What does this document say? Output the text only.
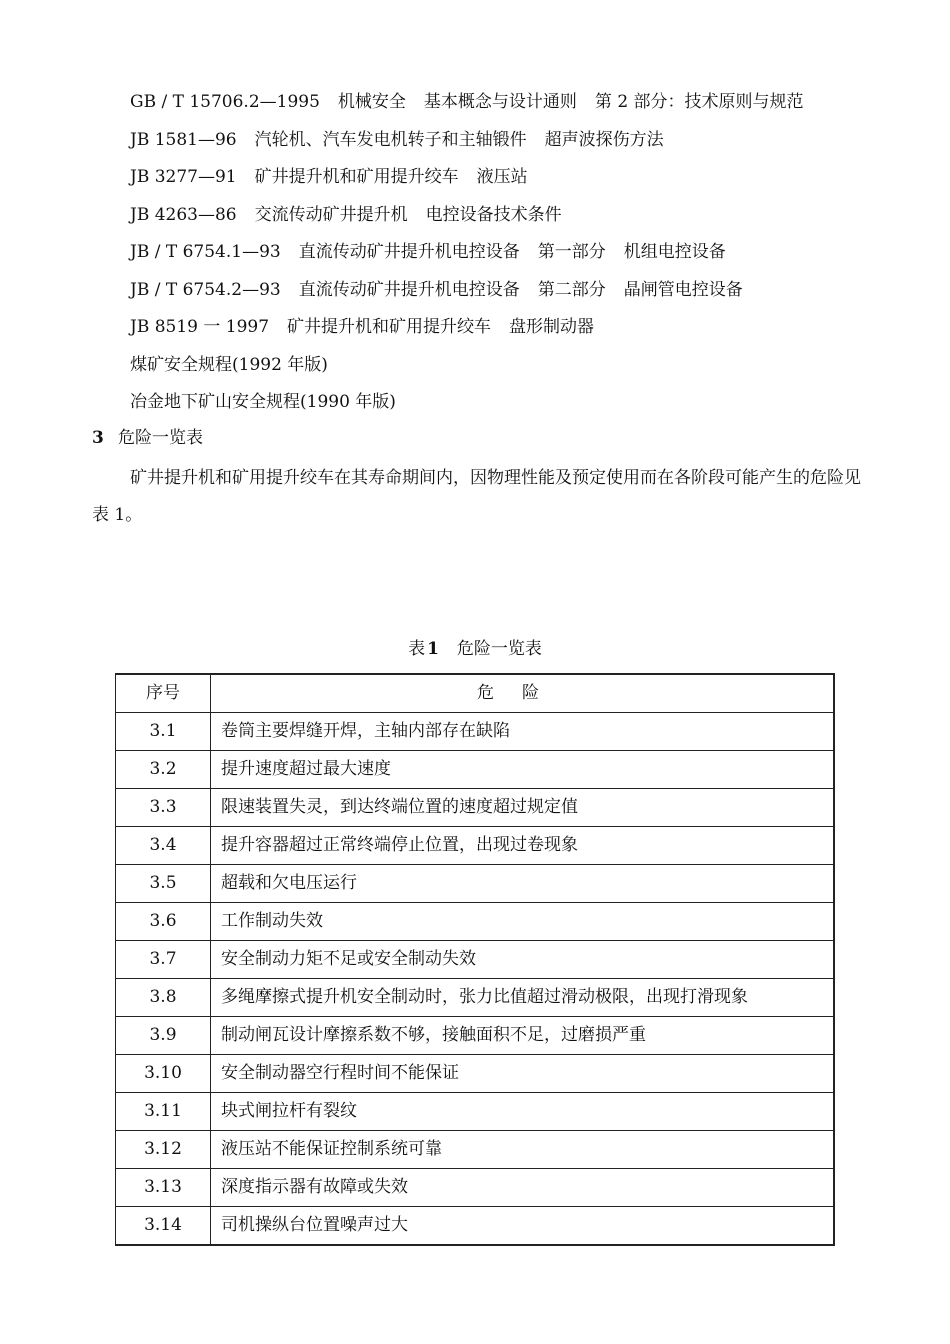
GB / T 15706.2—1995 机械安全 基本概念与设计通则 第 2 部分：技术原则与规范
JB 1581—96 汽轮机、汽车发电机转子和主轴锻件 超声波探伤方法
JB 3277—91 矿井提升机和矿用提升绞车 液压站
JB 4263—86 交流传动矿井提升机 电控设备技术条件
JB / T 6754.1—93 直流传动矿井提升机电控设备 第一部分 机组电控设备
JB / T 6754.2—93 直流传动矿井提升机电控设备 第二部分 晶闸管电控设备
JB 8519 一 1997 矿井提升机和矿用提升绞车 盘形制动器
煤矿安全规程(1992 年版)
冶金地下矿山安全规程(1990 年版)
3 危险一览表
矿井提升机和矿用提升绞车在其寿命期间内，因物理性能及预定使用而在各阶段可能产生的危险见表 1。
表 1 危险一览表
序号	危险
3.1	卷筒主要焊缝开焊，主轴内部存在缺陷
3.2	提升速度超过最大速度
3.3	限速装置失灵，到达终端位置的速度超过规定值
3.4	提升容器超过正常终端停止位置，出现过卷现象
3.5	超载和欠电压运行
3.6	工作制动失效
3.7	安全制动力矩不足或安全制动失效
3.8	多绳摩擦式提升机安全制动时，张力比值超过滑动极限，出现打滑现象
3.9	制动闸瓦设计摩擦系数不够，接触面积不足，过磨损严重
3.10	安全制动器空行程时间不能保证
3.11	块式闸拉杆有裂纹
3.12	液压站不能保证控制系统可靠
3.13	深度指示器有故障或失效
3.14	司机操纵台位置噪声过大
